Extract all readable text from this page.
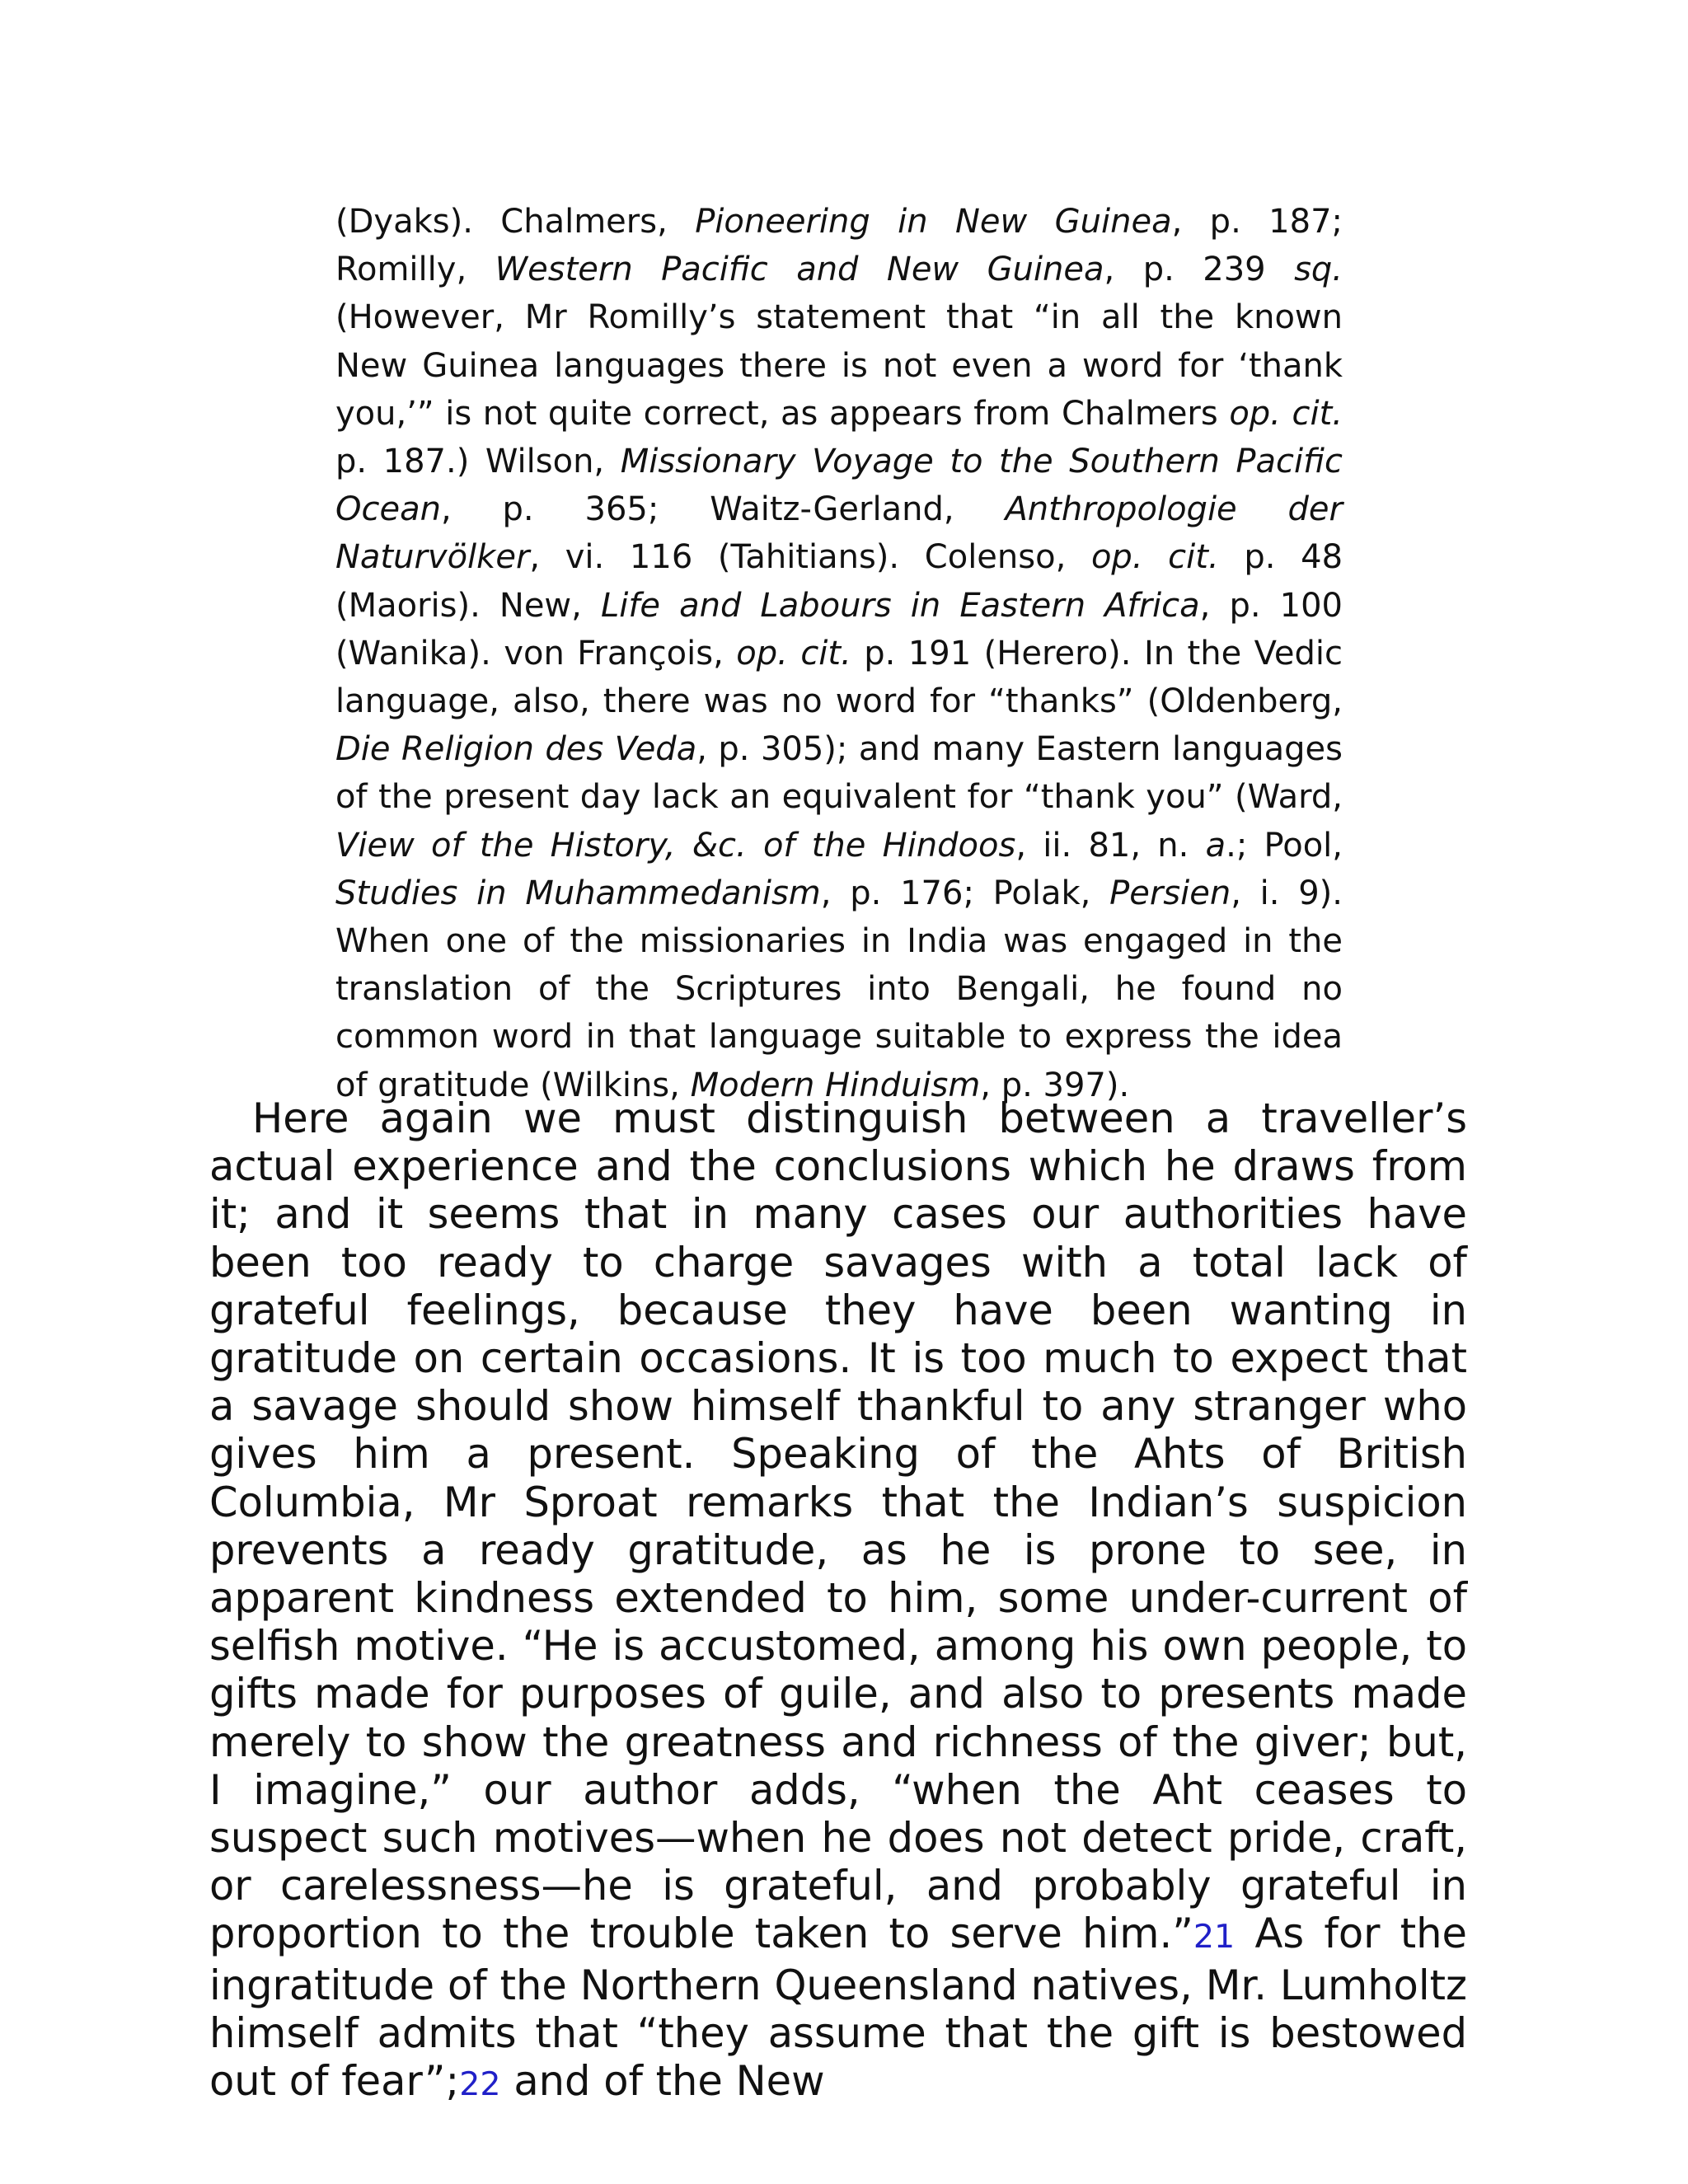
(Dyaks). Chalmers, Pioneering in New Guinea, p. 187; Romilly, Western Pacific and New Guinea, p. 239 sq. (However, Mr Romilly’s statement that “in all the known New Guinea languages there is not even a word for ‘thank you,’” is not quite correct, as appears from Chalmers op. cit. p. 187.) Wilson, Missionary Voyage to the Southern Pacific Ocean, p. 365; Waitz-Gerland, Anthropologie der Naturvölker, vi. 116 (Tahitians). Colenso, op. cit. p. 48 (Maoris). New, Life and Labours in Eastern Africa, p. 100 (Wanika). von François, op. cit. p. 191 (Herero). In the Vedic language, also, there was no word for “thanks” (Oldenberg, Die Religion des Veda, p. 305); and many Eastern languages of the present day lack an equivalent for “thank you” (Ward, View of the History, &c. of the Hindoos, ii. 81, n. a.; Pool, Studies in Muhammedanism, p. 176; Polak, Persien, i. 9). When one of the missionaries in India was engaged in the translation of the Scriptures into Bengali, he found no common word in that language suitable to express the idea of gratitude (Wilkins, Modern Hinduism, p. 397).

Here again we must distinguish between a traveller’s actual experience and the conclusions which he draws from it; and it seems that in many cases our authorities have been too ready to charge savages with a total lack of grateful feelings, because they have been wanting in gratitude on certain occasions. It is too much to expect that a savage should show himself thankful to any stranger who gives him a present. Speaking of the Ahts of British Columbia, Mr Sproat remarks that the Indian’s suspicion prevents a ready gratitude, as he is prone to see, in apparent kindness extended to him, some under-current of selfish motive. “He is accustomed, among his own people, to gifts made for purposes of guile, and also to presents made merely to show the greatness and richness of the giver; but, I imagine,” our author adds, “when the Aht ceases to suspect such motives—when he does not detect pride, craft, or carelessness—he is grateful, and probably grateful in proportion to the trouble taken to serve him.”21 As for the ingratitude of the Northern Queensland natives, Mr. Lumholtz himself admits that “they assume that the gift is bestowed out of fear”;22 and of the New
